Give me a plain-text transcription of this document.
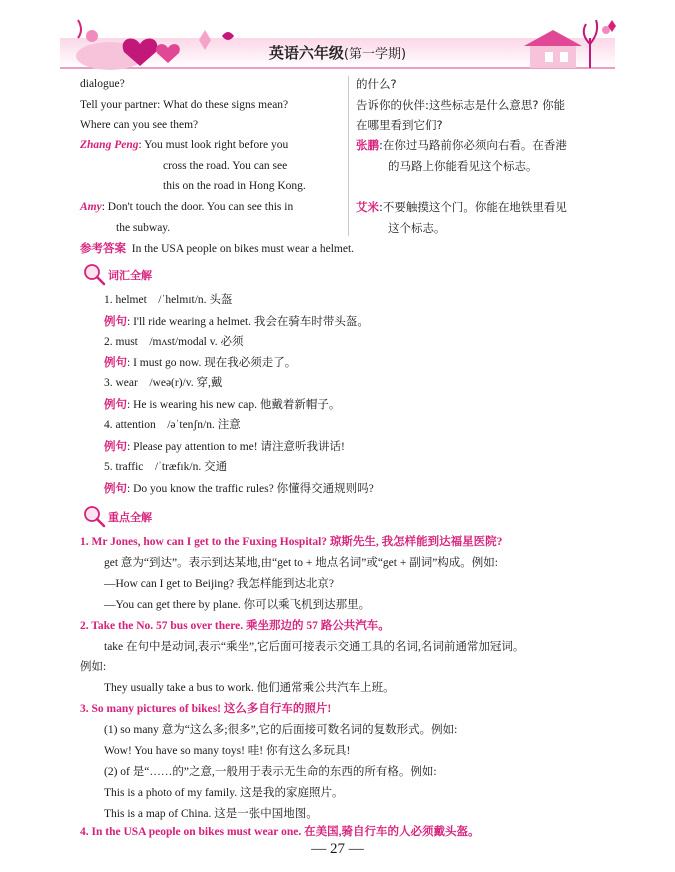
英语六年级(第一学期)
dialogue?
Tell your partner: What do these signs mean?
Where can you see them?
Zhang Peng: You must look right before you
cross the road. You can see
this on the road in Hong Kong.
Amy: Don't touch the door. You can see this in
the subway.
的什么?
告诉你的伙伴:这些标志是什么意思? 你能
在哪里看到它们?
张鹏:在你过马路前你必须向右看。在香港
的马路上你能看见这个标志。
艾米:不要触摸这个门。你能在地铁里看见
这个标志。
参考答案 In the USA people on bikes must wear a helmet.
词汇全解
1. helmet　/ˈhelmɪt/n. 头盔
例句: I'll ride wearing a helmet. 我会在骑车时带头盔。
2. must　/mʌst/modal v. 必须
例句: I must go now. 现在我必须走了。
3. wear　/weə(r)/v. 穿,戴
例句: He is wearing his new cap. 他戴着新帽子。
4. attention　/əˈtenʃn/n. 注意
例句: Please pay attention to me! 请注意听我讲话!
5. traffic　/ˈtræfɪk/n. 交通
例句: Do you know the traffic rules? 你懂得交通规则吗?
重点全解
1. Mr Jones, how can I get to the Fuxing Hospital? 琼斯先生, 我怎样能到达福星医院?
get 意为“到达”。表示到达某地,由“get to + 地点名词”或“get + 副词”构成。例如:
—How can I get to Beijing? 我怎样能到达北京?
—You can get there by plane. 你可以乘飞机到达那里。
2. Take the No. 57 bus over there. 乘坐那边的 57 路公共汽车。
take 在句中是动词,表示“乘坐”,它后面可接表示交通工具的名词,名词前通常加冠词。
例如:
They usually take a bus to work. 他们通常乘公共汽车上班。
3. So many pictures of bikes! 这么多自行车的照片!
(1) so many 意为“这么多;很多”,它的后面接可数名词的复数形式。例如:
Wow! You have so many toys! 哇! 你有这么多玩具!
(2) of 是“……的”之意,一般用于表示无生命的东西的所有格。例如:
This is a photo of my family. 这是我的家庭照片。
This is a map of China. 这是一张中国地图。
4. In the USA people on bikes must wear one. 在美国,骑自行车的人必须戴头盔。
— 27 —
